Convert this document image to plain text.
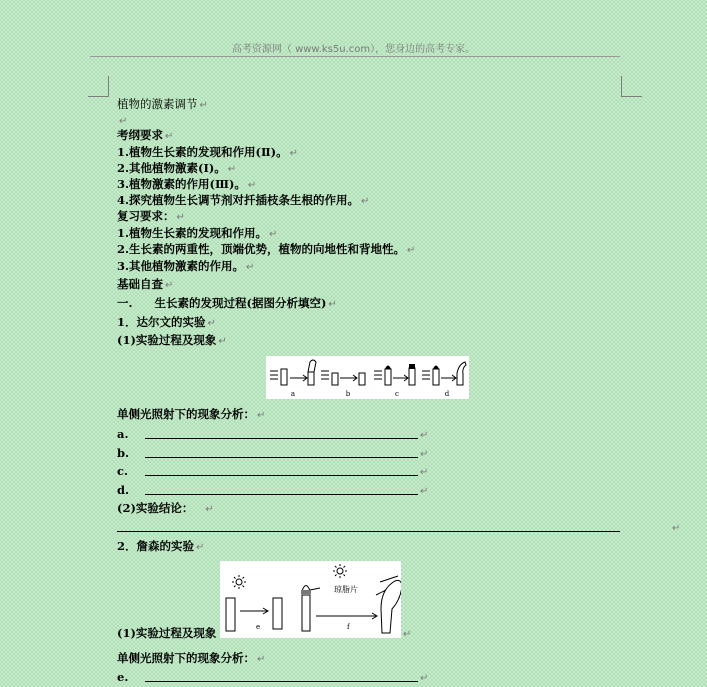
高考资源网（ www.ks5u.com），您身边的高考专家。
植物的激素调节 ↵
↵
考纲要求 ↵
1.植物生长素的发现和作用(Ⅱ)。 ↵
2.其他植物激素(Ⅰ)。 ↵
3.植物激素的作用(Ⅲ)。 ↵
4.探究植物生长调节剂对扦插枝条生根的作用。 ↵
复习要求： ↵
1.植物生长素的发现和作用。 ↵
2.生长素的两重性，顶端优势，植物的向地性和背地性。 ↵
3.其他植物激素的作用。 ↵
基础自查 ↵
一. 生长素的发现过程(据图分析填空) ↵
1．达尔文的实验 ↵
(1)实验过程及现象 ↵
a	b	c	d
单侧光照射下的现象分析： ↵
a.	↵
b.	↵
c.	↵
d.	↵
(2)实验结论： ↵
↵
2．詹森的实验 ↵
e	f
琼脂片
(1)实验过程及现象	↵
单侧光照射下的现象分析： ↵
e.	↵
